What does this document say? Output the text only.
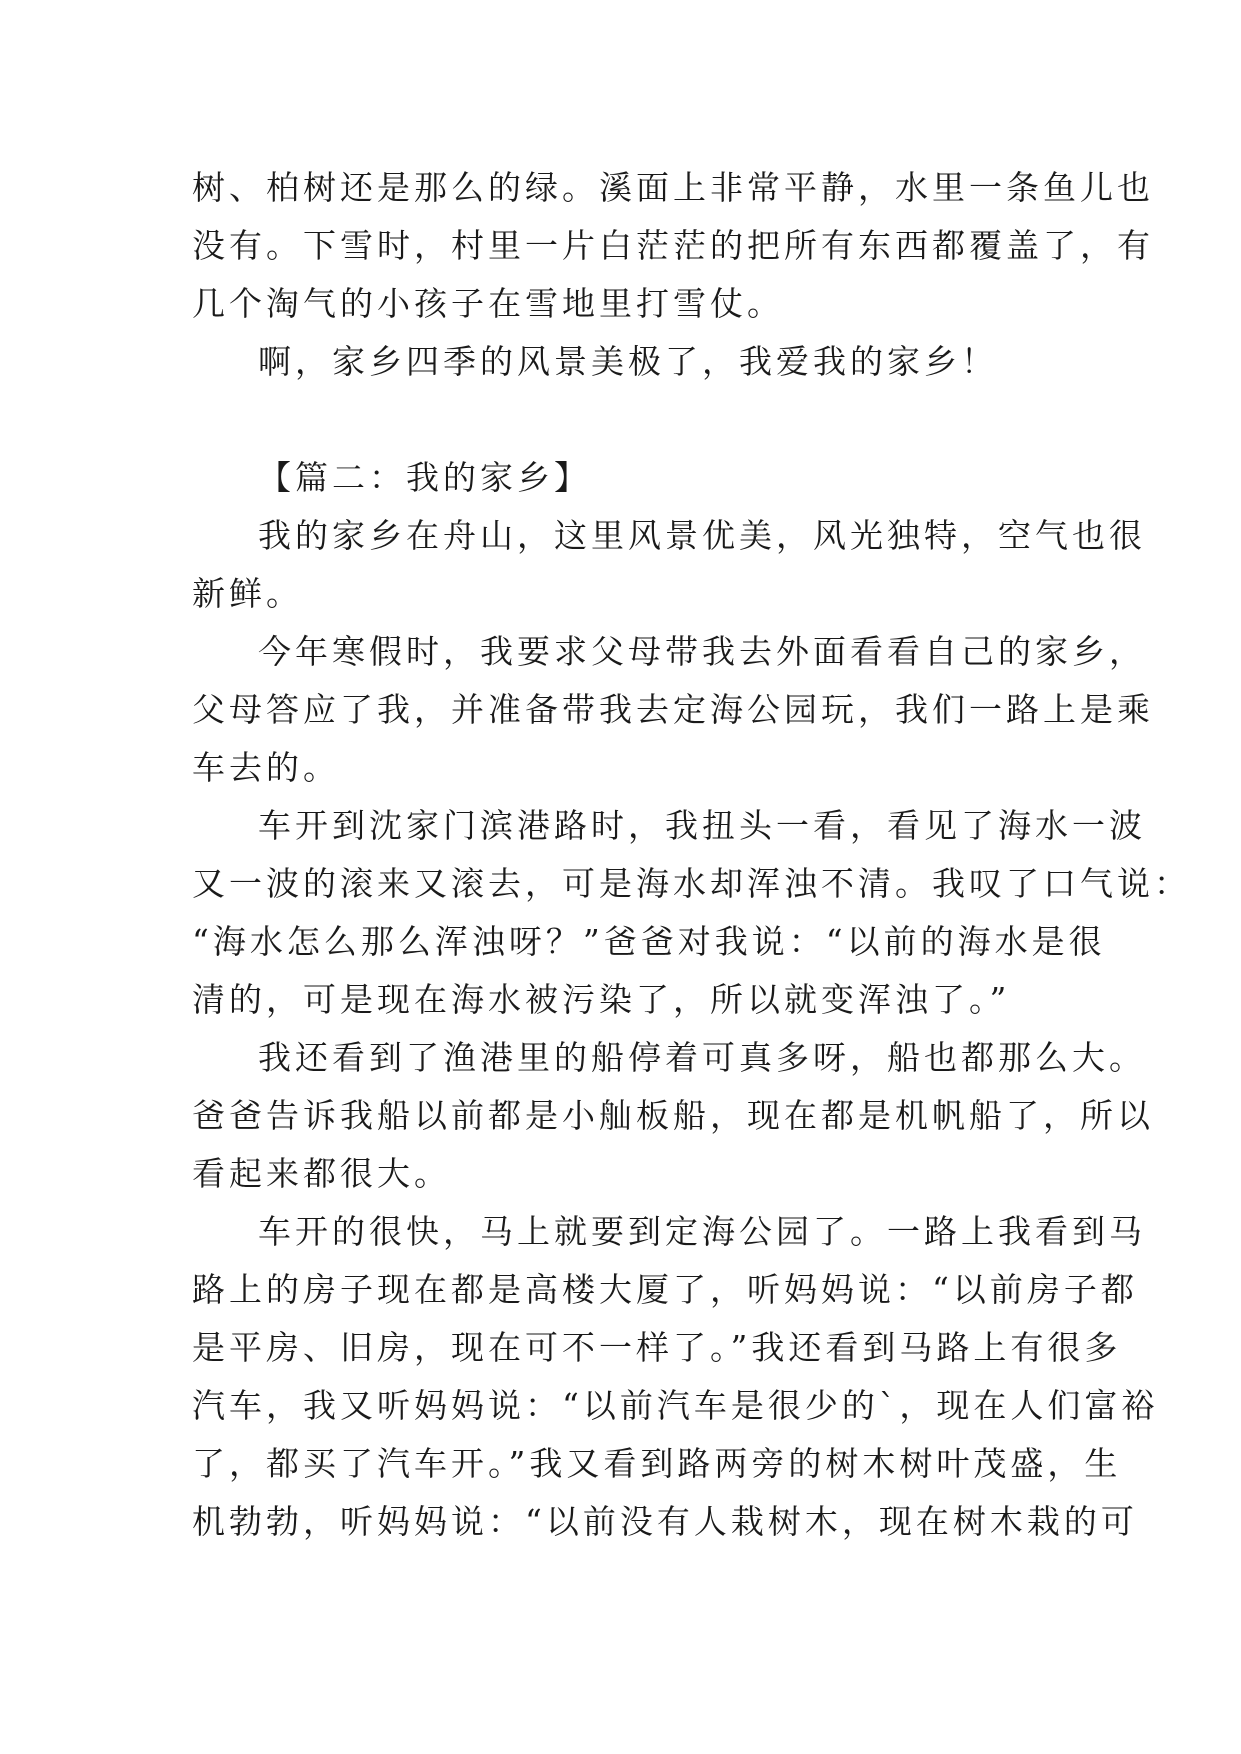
树、柏树还是那么的绿。溪面上非常平静，水里一条鱼儿也
没有。下雪时，村里一片白茫茫的把所有东西都覆盖了，有
几个淘气的小孩子在雪地里打雪仗。
啊，家乡四季的风景美极了，我爱我的家乡！
【篇二：我的家乡】
我的家乡在舟山，这里风景优美，风光独特，空气也很
新鲜。
今年寒假时，我要求父母带我去外面看看自己的家乡，
父母答应了我，并准备带我去定海公园玩，我们一路上是乘
车去的。
车开到沈家门滨港路时，我扭头一看，看见了海水一波
又一波的滚来又滚去，可是海水却浑浊不清。我叹了口气说：
“海水怎么那么浑浊呀？”爸爸对我说：“以前的海水是很
清的，可是现在海水被污染了，所以就变浑浊了。”
我还看到了渔港里的船停着可真多呀，船也都那么大。
爸爸告诉我船以前都是小舢板船，现在都是机帆船了，所以
看起来都很大。
车开的很快，马上就要到定海公园了。一路上我看到马
路上的房子现在都是高楼大厦了，听妈妈说：“以前房子都
是平房、旧房，现在可不一样了。”我还看到马路上有很多
汽车，我又听妈妈说：“以前汽车是很少的`，现在人们富裕
了，都买了汽车开。”我又看到路两旁的树木树叶茂盛，生
机勃勃，听妈妈说：“以前没有人栽树木，现在树木栽的可
